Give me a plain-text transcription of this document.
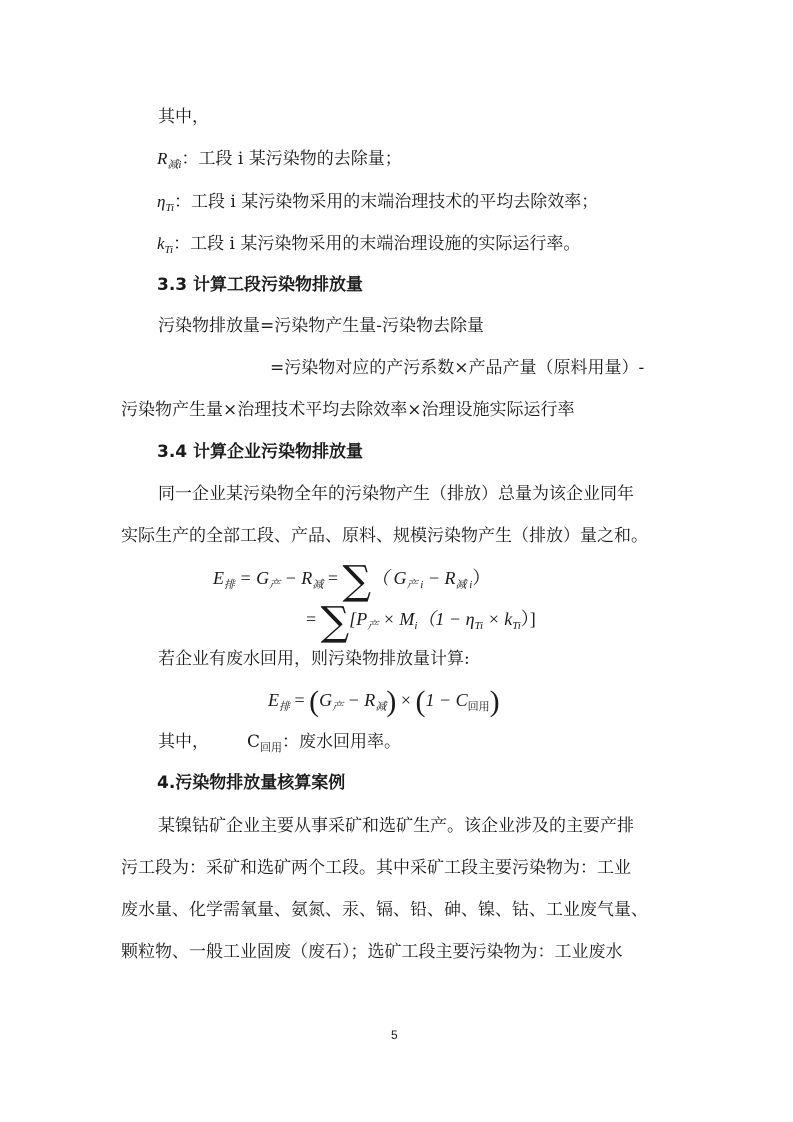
其中，
$R_{减i}$：工段 i 某污染物的去除量；
$\eta_{Ti}$：工段 i 某污染物采用的末端治理技术的平均去除效率；
$k_{Ti}$：工段 i 某污染物采用的末端治理设施的实际运行率。
3.3 计算工段污染物排放量
污染物排放量=污染物产生量-污染物去除量
=污染物对应的产污系数×产品产量（原料用量）-
污染物产生量×治理技术平均去除效率×治理设施实际运行率
3.4 计算企业污染物排放量
同一企业某污染物全年的污染物产生（排放）总量为该企业同年
实际生产的全部工段、产品、原料、规模污染物产生（排放）量之和。
$E_排 = G_产 - R_减$ = ∑（ $G_{产 i} - R_{减 i}$）
= $\sum[P_产 \times M_i(1 - \eta_{Ti} \times k_{Ti})]$
若企业有废水回用，则污染物排放量计算:
$E_排 = (G_产 - R_减) \times (1 - C_{回用})$
其中， $C_{回用}$：废水回用率。
4.污染物排放量核算案例
某镍钴矿企业主要从事采矿和选矿生产。该企业涉及的主要产排
污工段为：采矿和选矿两个工段。其中采矿工段主要污染物为：工业
废水量、化学需氧量、氨氮、汞、镉、铅、砷、镍、钴、工业废气量、
颗粒物、一般工业固废（废石）；选矿工段主要污染物为：工业废水
5
